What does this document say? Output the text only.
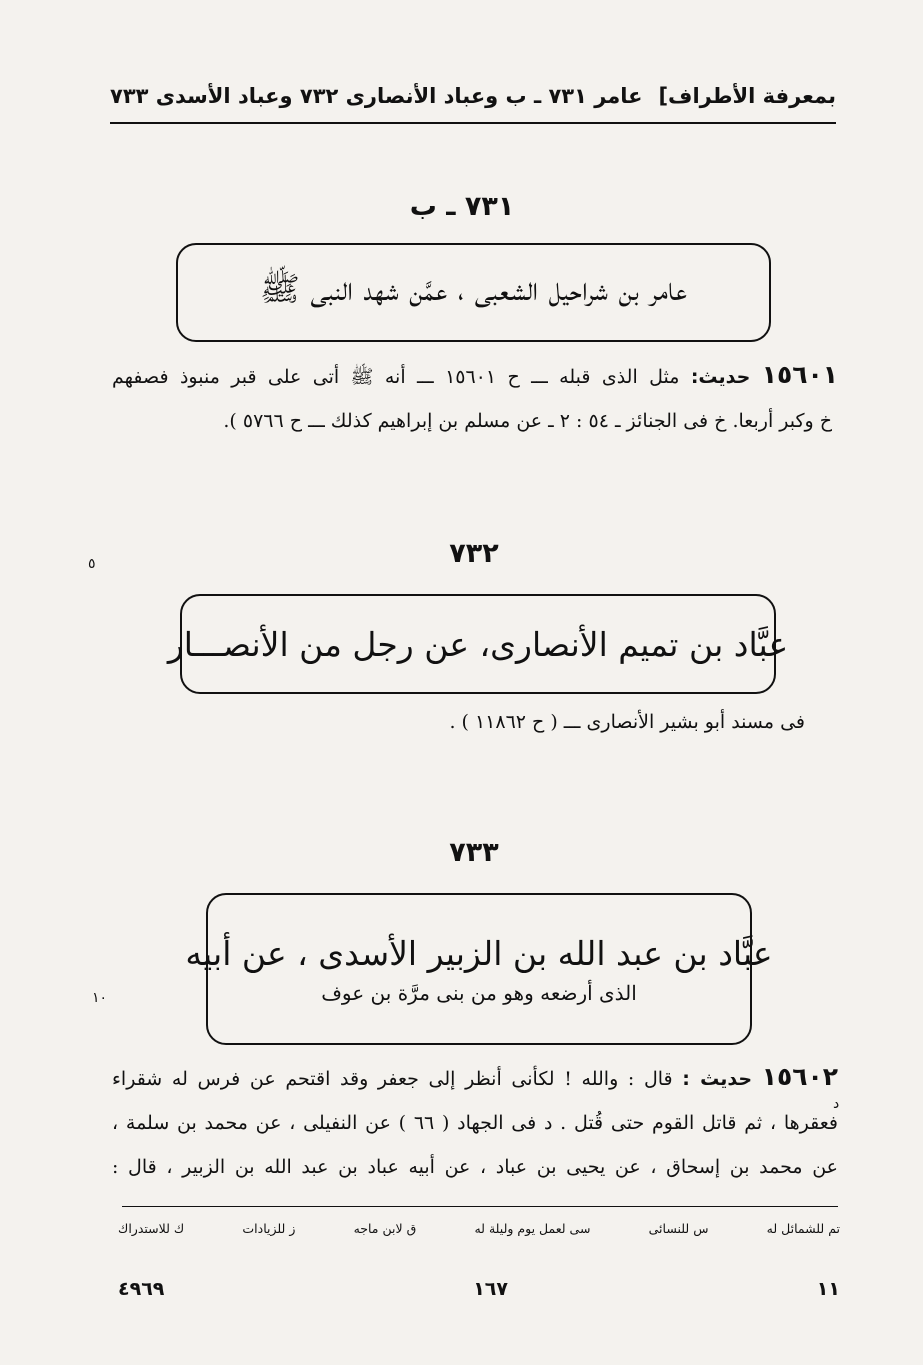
بمعرفة الأطراف]
عامر ٧٣١ ـ ب وعباد الأنصارى ٧٣٢ وعباد الأسدى ٧٣٣
٧٣١ ـ ب
عامر بن شراحيل الشعبى ، عمَّن شهد النبى ﷺ
١٥٦٠١ حديث: مثل الذى قبله ـــ ح ١٥٦٠١ ـــ أنه ﷺ أتى على قبر منبوذ فصفهم
خ وكبر أربعا. خ فى الجنائز ـ ٥٤ : ٢ ـ عن مسلم بن إبراهيم كذلك ـــ ح ٥٧٦٦ ).
٥	٧٣٢
عبَّاد بن تميم الأنصارى، عن رجل من الأنصـــار
فى مسند أبو بشير الأنصارى ـــ ( ح ١١٨٦٢ ) .
٧٣٣
عبَّاد بن عبد الله بن الزبير الأسدى ، عن أبيه
الذى أرضعه وهو من بنى مرَّة بن عوف
١٠
د
١٥٦٠٢ حديث : قال : والله ! لكأنى أنظر إلى جعفر وقد اقتحم عن فرس له شقراء
فعقرها ، ثم قاتل القوم حتى قُتل . د فى الجهاد ( ٦٦ ) عن النفيلى ، عن محمد بن سلمة ،
عن محمد بن إسحاق ، عن يحيى بن عباد ، عن أبيه عباد بن عبد الله بن الزبير ، قال :
تم للشمائل له
س للنسائى
سى لعمل يوم وليلة له
ق لابن ماجه
ز للزيادات
ك للاستدراك
١١
١٦٧
٤٩٦٩
